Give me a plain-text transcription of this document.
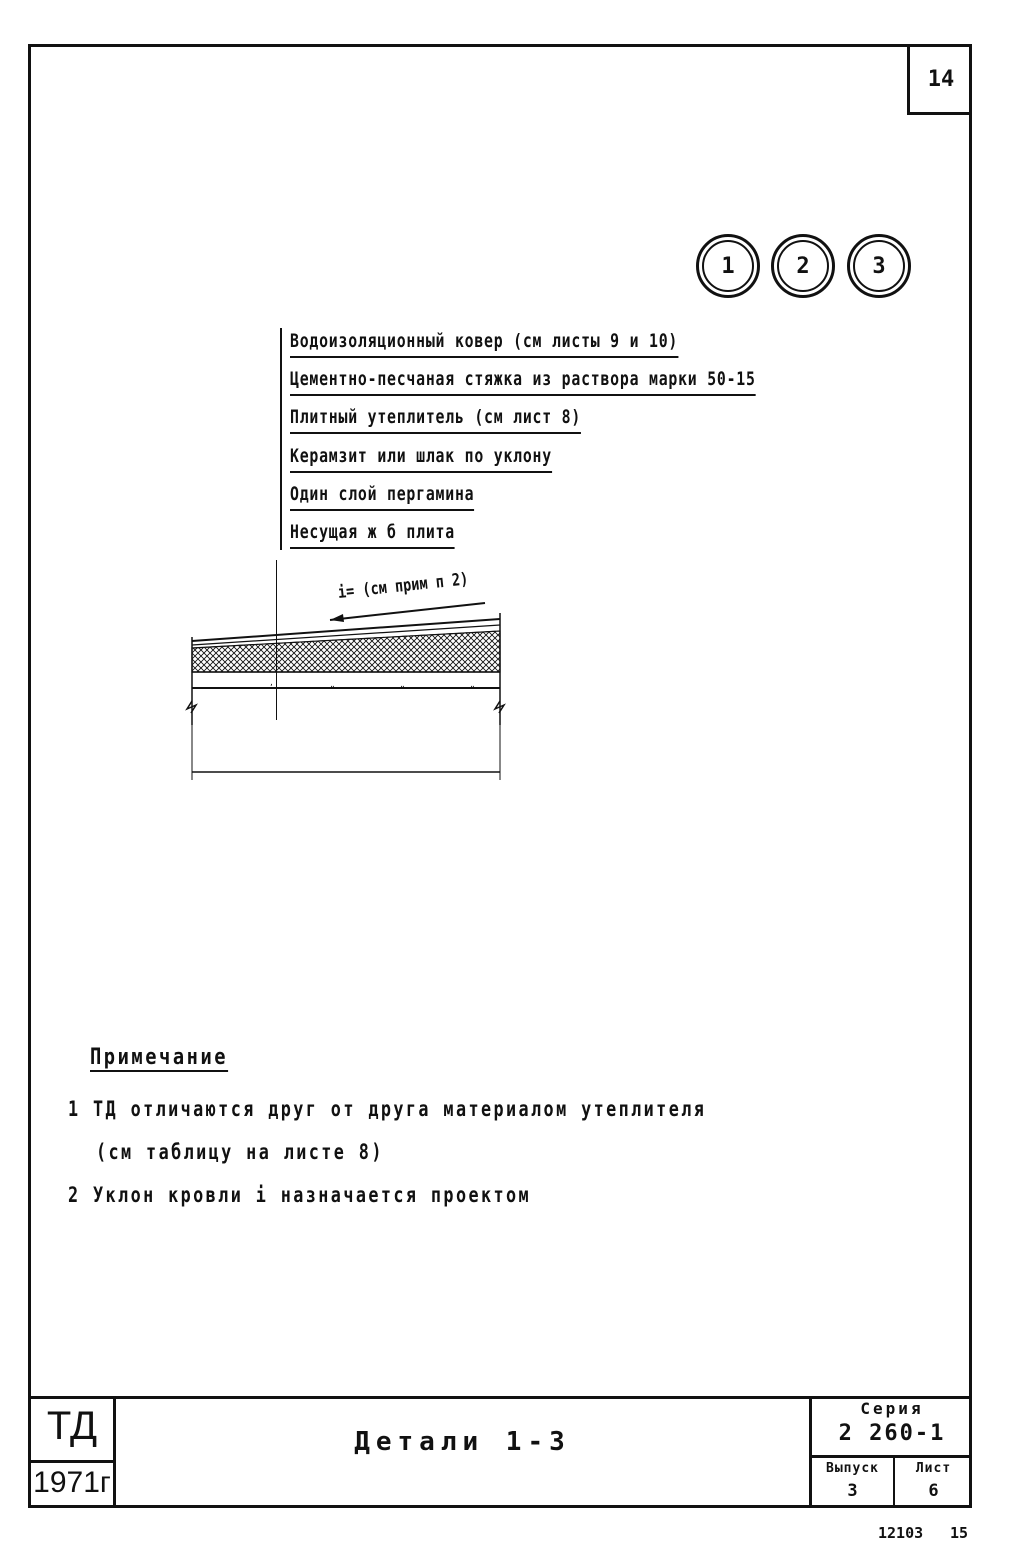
14
1	2	3
Водоизоляционный ковер (см листы 9 и 10)
Цементно-песчаная стяжка из раствора марки 50-15
Плитный утеплитель (см лист 8)
Керамзит или шлак по уклону
Один слой пергамина
Несущая ж б плита
,	„	„	„
i= (см прим п 2)
Примечание
1 ТД отличаются друг от друга материалом утеплителя
(см таблицу на листе 8)
2 Уклон кровли i назначается проектом
ТД
1971г
Детали 1-3
Серия
2 260-1
Выпуск
3
Лист
6
12103 15
